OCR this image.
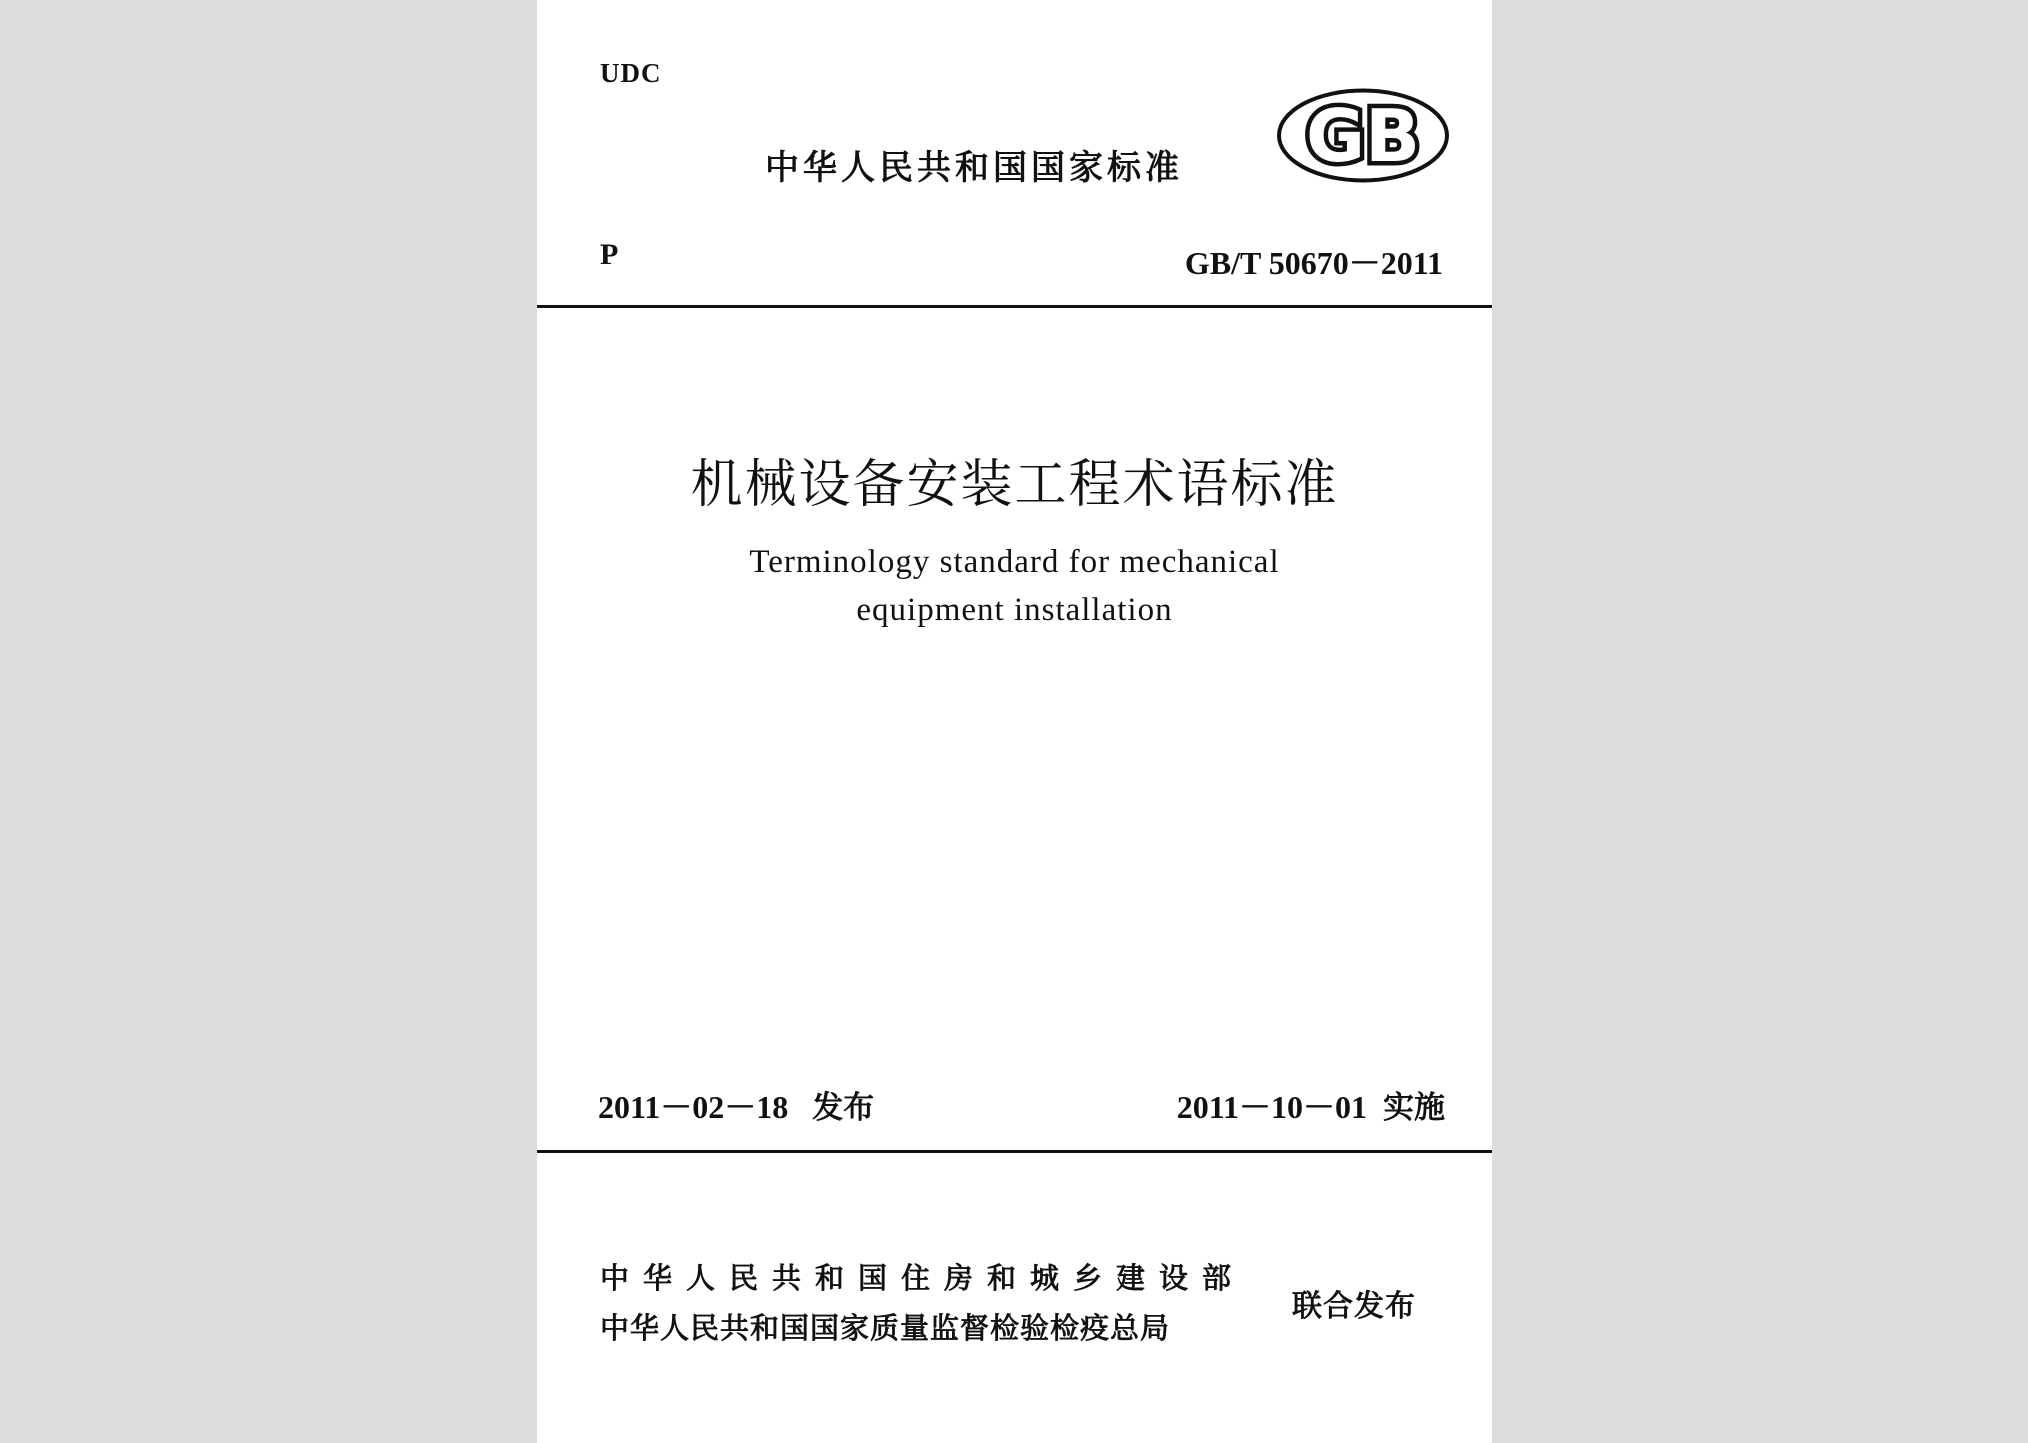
UDC
中华人民共和国国家标准 GB
P	GB/T 50670－2011
机械设备安装工程术语标准
Terminology standard for mechanical
equipment installation
2011－02－18 发布	2011－10－01 实施
中华人民共和国住房和城乡建设部
中华人民共和国国家质量监督检验检疫总局
联合发布
